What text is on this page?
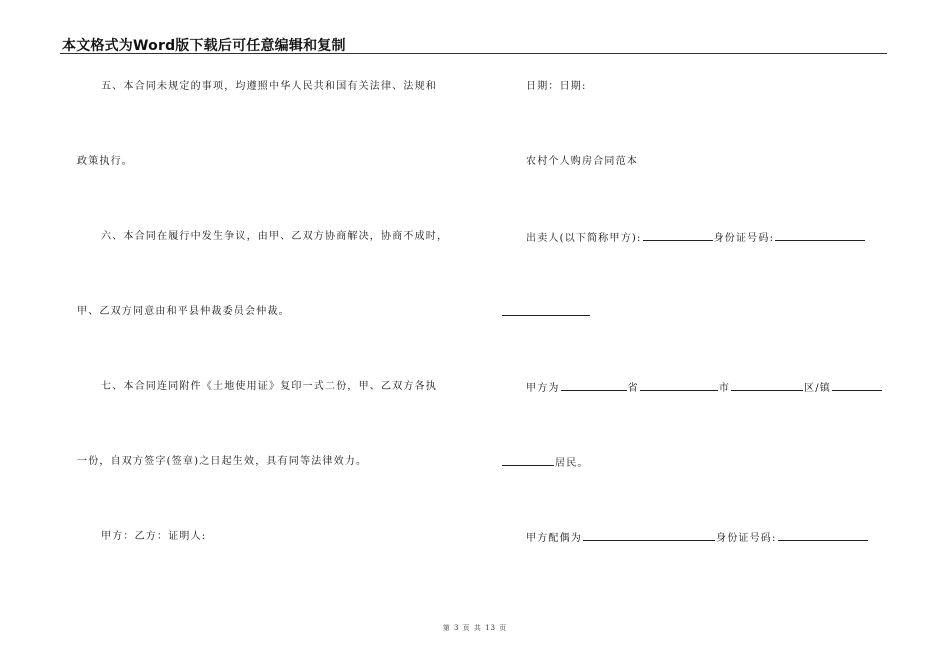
本文格式为Word版下载后可任意编辑和复制
五、本合同未规定的事项，均遵照中华人民共和国有关法律、法规和
政策执行。
六、本合同在履行中发生争议，由甲、乙双方协商解决，协商不成时，
甲、乙双方同意由和平县仲裁委员会仲裁。
七、本合同连同附件《土地使用证》复印一式二份，甲、乙双方各执
一份，自双方签字(签章)之日起生效，具有同等法律效力。
甲方：乙方：证明人:
日期：日期:
农村个人购房合同范本
出卖人(以下简称甲方):	身份证号码:
甲方为	省	市	区/镇
居民。
甲方配偶为	身份证号码:
第 3 页 共 13 页
